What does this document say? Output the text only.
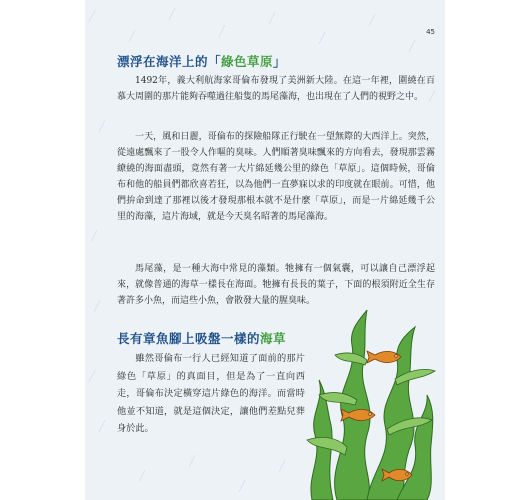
45
漂浮在海洋上的「綠色草原」

1492年，義大利航海家哥倫布發現了美洲新大陸。在這一年裡，圍繞在百慕大周圍的那片能夠吞噬過往船隻的馬尾藻海，也出現在了人們的視野之中。

一天，風和日麗，哥倫布的探險船隊正行駛在一望無際的大西洋上。突然，從遠處飄來了一股令人作嘔的臭味。人們順著臭味飄來的方向看去，發現那雲霧繚繞的海面盡頭，竟然有著一大片綿延幾公里的綠色「草原」。這個時候，哥倫布和他的船員們都欣喜若狂，以為他們一直夢寐以求的印度就在眼前。可惜，他們拚命到達了那裡以後才發現那根本就不是什麼「草原」，而是一片綿延幾千公里的海藻，這片海域，就是今天臭名昭著的馬尾藻海。

馬尾藻，是一種大海中常見的藻類。牠擁有一個氣囊，可以讓自己漂浮起來，就像普通的海草一樣長在海面。牠擁有長長的葉子，下面的根須附近全生存著許多小魚，而這些小魚，會散發大量的腥臭味。

長有章魚腳上吸盤一樣的海草

雖然哥倫布一行人已經知道了面前的那片綠色「草原」的真面目，但是為了一直向西走，哥倫布決定橫穿這片綠色的海洋。而當時他並不知道，就是這個決定，讓他們差點兒葬身於此。
